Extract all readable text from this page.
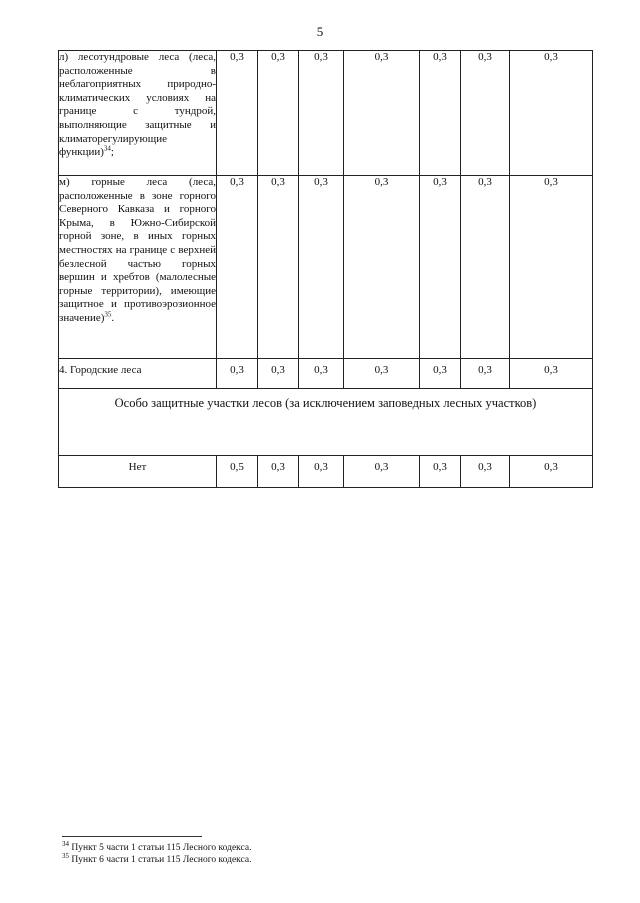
5
л) лесотундровые леса (леса, расположенные в неблагоприятных природно-климатических условиях на границе с тундрой, выполняющие защитные и климаторегулирующие функции)$^{34}$;	0,3	0,3	0,3	0,3	0,3	0,3	0,3
м) горные леса (леса, расположенные в зоне горного Северного Кавказа и горного Крыма, в Южно-Сибирской горной зоне, в иных горных местностях на границе с верхней безлесной частью горных вершин и хребтов (малолесные горные территории), имеющие защитное и противоэрозионное значение)$^{35}$.	0,3	0,3	0,3	0,3	0,3	0,3	0,3
4. Городские леса	0,3	0,3	0,3	0,3	0,3	0,3	0,3
Особо защитные участки лесов (за исключением заповедных лесных участков)							
Нет	0,5	0,3	0,3	0,3	0,3	0,3	0,3
$^{34}$ Пункт 5 части 1 статьи 115 Лесного кодекса.
$^{35}$ Пункт 6 части 1 статьи 115 Лесного кодекса.
